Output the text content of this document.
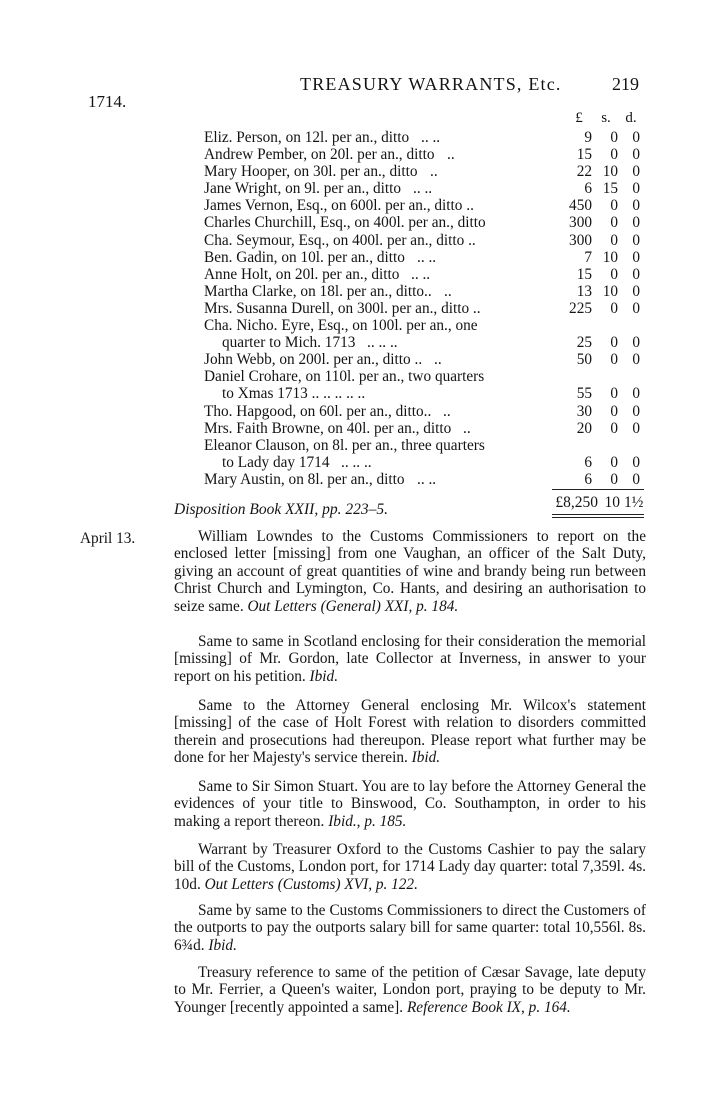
TREASURY WARRANTS, Etc.	219
1714.
£	s. d.
Eliz. Person, on 12l. per an., ditto .. ..	9	0 0
Andrew Pember, on 20l. per an., ditto ..	15	0 0
Mary Hooper, on 30l. per an., ditto ..	22 10 0
Jane Wright, on 9l. per an., ditto .. ..	6 15 0
James Vernon, Esq., on 600l. per an., ditto ..	450	0 0
Charles Churchill, Esq., on 400l. per an., ditto	300	0 0
Cha. Seymour, Esq., on 400l. per an., ditto ..	300	0 0
Ben. Gadin, on 10l. per an., ditto .. ..	7 10 0
Anne Holt, on 20l. per an., ditto .. ..	15	0 0
Martha Clarke, on 18l. per an., ditto.. ..	13 10 0
Mrs. Susanna Durell, on 300l. per an., ditto ..	225	0 0
Cha. Nicho. Eyre, Esq., on 100l. per an., one
quarter to Mich. 1713 .. .. ..	25	0 0
John Webb, on 200l. per an., ditto .. ..	50	0 0
Daniel Crohare, on 110l. per an., two quarters
to Xmas 1713 .. .. .. .. ..	55	0 0
Tho. Hapgood, on 60l. per an., ditto.. ..	30	0 0
Mrs. Faith Browne, on 40l. per an., ditto ..	20	0 0
Eleanor Clauson, on 8l. per an., three quarters
to Lady day 1714 .. .. ..	6	0 0
Mary Austin, on 8l. per an., ditto .. ..	6	0 0
£8,250 10 1½
Disposition Book XXII, pp. 223–5.
April 13.	William Lowndes to the Customs Commissioners to report on the enclosed letter [missing] from one Vaughan, an officer of the Salt Duty, giving an account of great quantities of wine and brandy being run between Christ Church and Lymington, Co. Hants, and desiring an authorisation to seize same. Out Letters (General) XXI, p. 184.
Same to same in Scotland enclosing for their consideration the memorial [missing] of Mr. Gordon, late Collector at Inverness, in answer to your report on his petition. Ibid.
Same to the Attorney General enclosing Mr. Wilcox's statement [missing] of the case of Holt Forest with relation to disorders committed therein and prosecutions had thereupon. Please report what further may be done for her Majesty's service therein. Ibid.
Same to Sir Simon Stuart. You are to lay before the Attorney General the evidences of your title to Binswood, Co. Southampton, in order to his making a report thereon. Ibid., p. 185.
Warrant by Treasurer Oxford to the Customs Cashier to pay the salary bill of the Customs, London port, for 1714 Lady day quarter: total 7,359l. 4s. 10d. Out Letters (Customs) XVI, p. 122.
Same by same to the Customs Commissioners to direct the Customers of the outports to pay the outports salary bill for same quarter: total 10,556l. 8s. 6¾d. Ibid.
Treasury reference to same of the petition of Cæsar Savage, late deputy to Mr. Ferrier, a Queen's waiter, London port, praying to be deputy to Mr. Younger [recently appointed a same]. Reference Book IX, p. 164.
